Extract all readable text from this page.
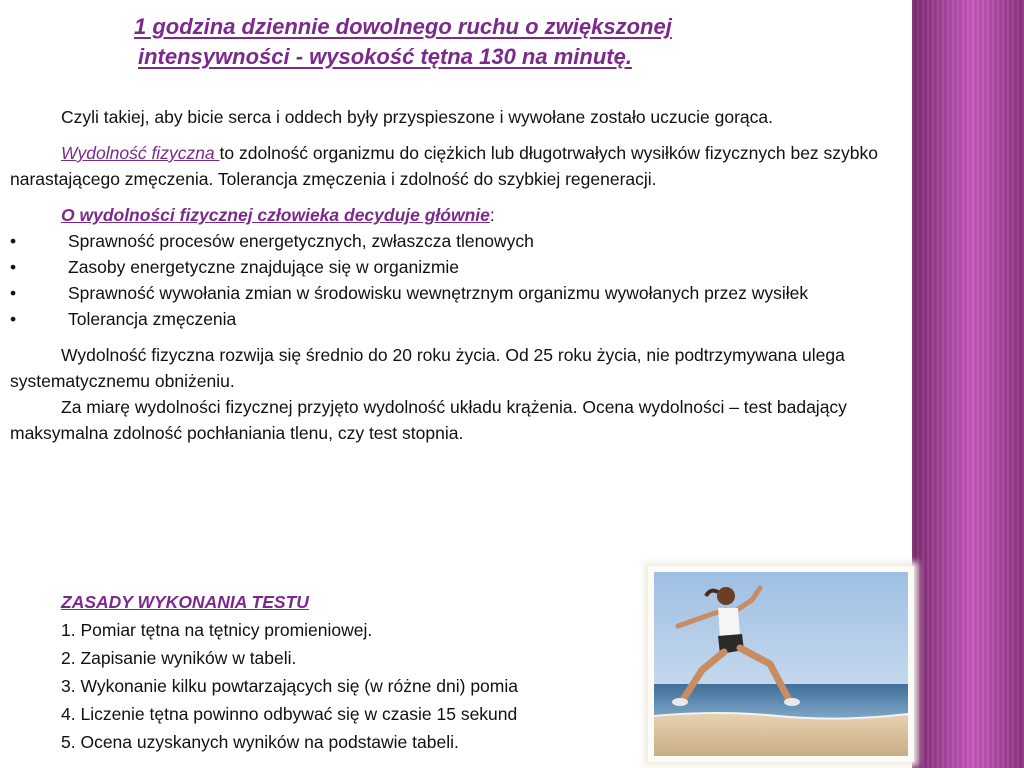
1 godzina dziennie dowolnego ruchu o zwiększonej
intensywności - wysokość tętna 130 na minutę.

Czyli takiej, aby bicie serca i oddech były przyspieszone i wywołane zostało uczucie gorąca.

Wydolność fizyczna to zdolność organizmu do ciężkich lub długotrwałych wysiłków fizycznych bez szybko narastającego zmęczenia. Tolerancja zmęczenia i zdolność do szybkiej regeneracji.

O wydolności fizycznej człowieka decyduje głównie:

•	Sprawność procesów energetycznych, zwłaszcza tlenowych
•	Zasoby energetyczne znajdujące się w organizmie
•	Sprawność wywołania zmian w środowisku wewnętrznym organizmu wywołanych przez wysiłek
•	Tolerancja zmęczenia

Wydolność fizyczna rozwija się średnio do 20 roku życia. Od 25 roku życia, nie podtrzymywana ulega systematycznemu obniżeniu.

Za miarę wydolności fizycznej przyjęto wydolność układu krążenia. Ocena wydolności – test badający maksymalna zdolność pochłaniania tlenu, czy test stopnia.

ZASADY WYKONANIA TESTU
1. Pomiar tętna na tętnicy promieniowej.
2. Zapisanie wyników w tabeli.
3. Wykonanie kilku powtarzających się (w różne dni) pomia
4. Liczenie tętna powinno odbywać się w czasie 15 sekund
5. Ocena uzyskanych wyników na podstawie tabeli.
